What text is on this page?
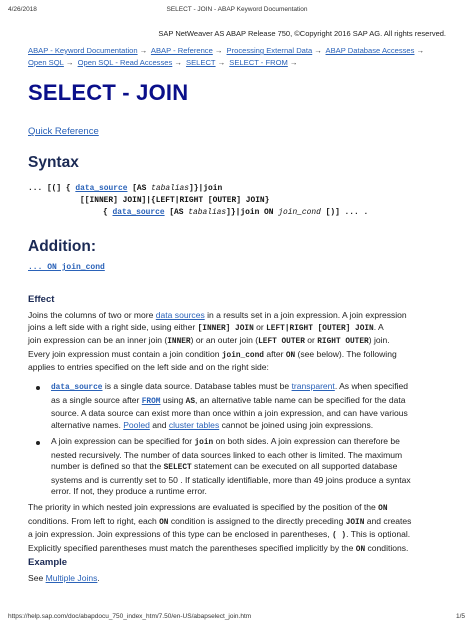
4/26/2018	SELECT - JOIN - ABAP Keyword Documentation
SAP NetWeaver AS ABAP Release 750, ©Copyright 2016 SAP AG. All rights reserved.
ABAP - Keyword Documentation → ABAP - Reference → Processing External Data → ABAP Database Accesses →
Open SQL → Open SQL - Read Accesses → SELECT → SELECT - FROM →
SELECT - JOIN
Quick Reference
Syntax
... [(] { data_source [AS tabalias]}|join
[[INNER] JOIN]|{LEFT|RIGHT [OUTER] JOIN}
{ data_source [AS tabalias]}|join ON join_cond [)] ... .
Addition:
... ON join_cond
Effect
Joins the columns of two or more data sources in a results set in a join expression. A join expression
joins a left side with a right side, using either [INNER] JOIN or LEFT|RIGHT [OUTER] JOIN. A
join expression can be an inner join (INNER) or an outer join (LEFT OUTER or RIGHT OUTER) join.
Every join expression must contain a join condition join_cond after ON (see below). The following
applies to entries specified on the left side and on the right side:
data_source is a single data source. Database tables must be transparent. As when specified
as a single source after FROM using AS, an alternative table name can be specified for the data
source. A data source can exist more than once within a join expression, and can have various
alternative names. Pooled and cluster tables cannot be joined using join expressions.
A join expression can be specified for join on both sides. A join expression can therefore be
nested recursively. The number of data sources linked to each other is limited. The maximum
number is defined so that the SELECT statement can be executed on all supported database
systems and is currently set to 50 . If statically identifiable, more than 49 joins produce a syntax
error. If not, they produce a runtime error.
The priority in which nested join expressions are evaluated is specified by the position of the ON
conditions. From left to right, each ON condition is assigned to the directly preceding JOIN and creates
a join expression. Join expressions of this type can be enclosed in parentheses, ( ). This is optional.
Explicitly specified parentheses must match the parentheses specified implicitly by the ON conditions.
Example
See Multiple Joins.
https://help.sap.com/doc/abapdocu_750_index_htm/7.50/en-US/abapselect_join.htm	1/5
